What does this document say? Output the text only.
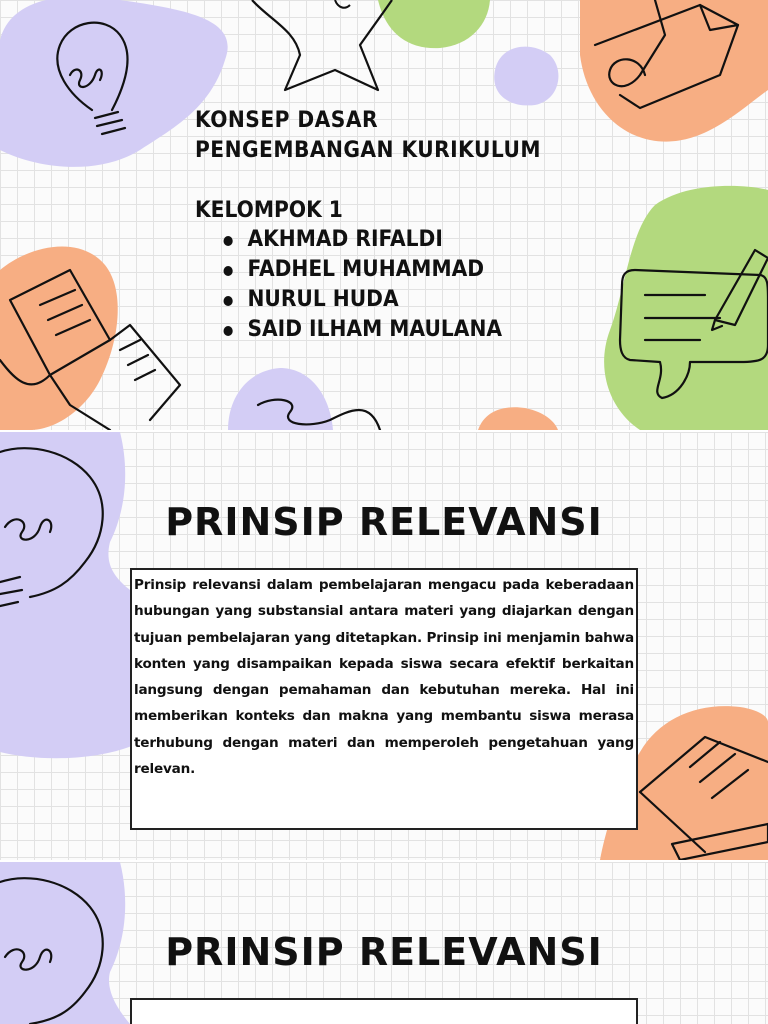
KONSEP DASAR
PENGEMBANGAN KURIKULUM
KELOMPOK 1
AKHMAD RIFALDI
FADHEL MUHAMMAD
NURUL HUDA
SAID ILHAM MAULANA
PRINSIP RELEVANSI

Prinsip relevansi dalam pembelajaran mengacu pada keberadaan hubungan yang substansial antara materi yang diajarkan dengan tujuan pembelajaran yang ditetapkan. Prinsip ini menjamin bahwa konten yang disampaikan kepada siswa secara efektif berkaitan langsung dengan pemahaman dan kebutuhan mereka. Hal ini memberikan konteks dan makna yang membantu siswa merasa terhubung dengan materi dan memperoleh pengetahuan yang relevan.

PRINSIP RELEVANSI
